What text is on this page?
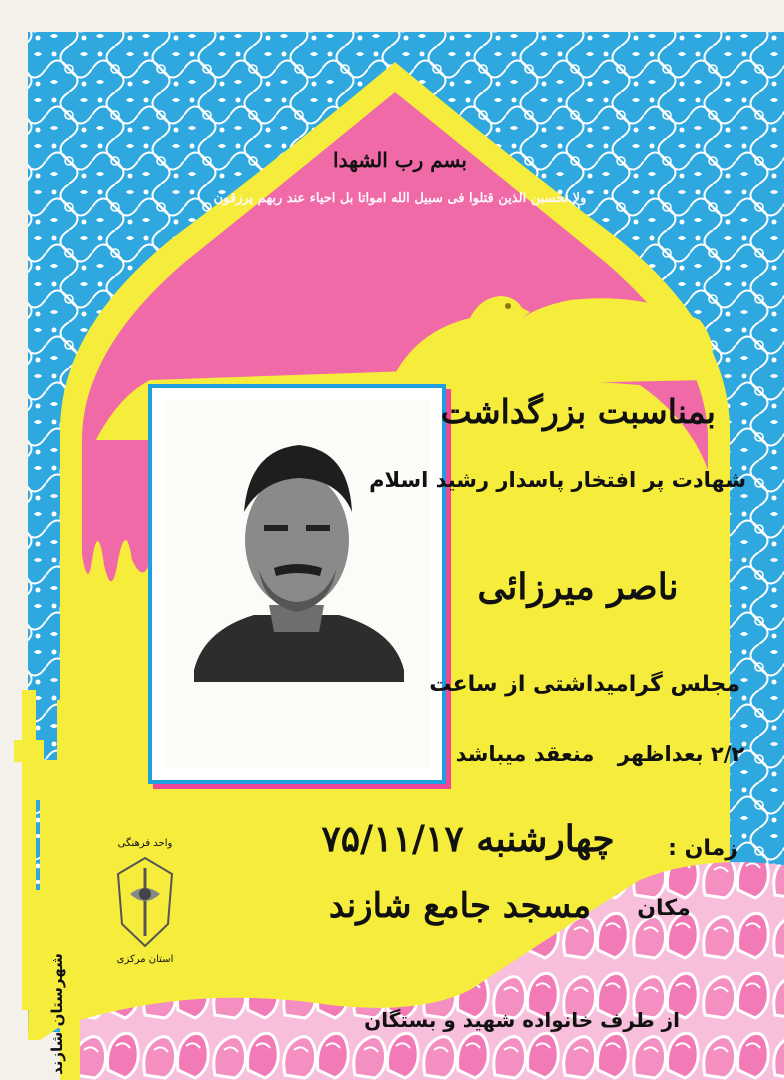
بسم رب الشهدا
ولا تحسبن الذین قتلوا فی سبیل الله امواتا بل احیاء عند ربهم یرزقون
بمناسبت بزرگداشت
شهادت پر افتخار پاسدار رشید اسلام
ناصر میرزائی
مجلس گرامیداشتی از ساعت
منعقد میباشد	۲/۲ بعداظهر
چهارشنبه ۷۵/۱۱/۱۷	زمان :
مسجد جامع شازند	مکان
از طرف خانواده شهید و بستگان
واحد فرهنگی
استان مرکزی
شهرستان شازند
